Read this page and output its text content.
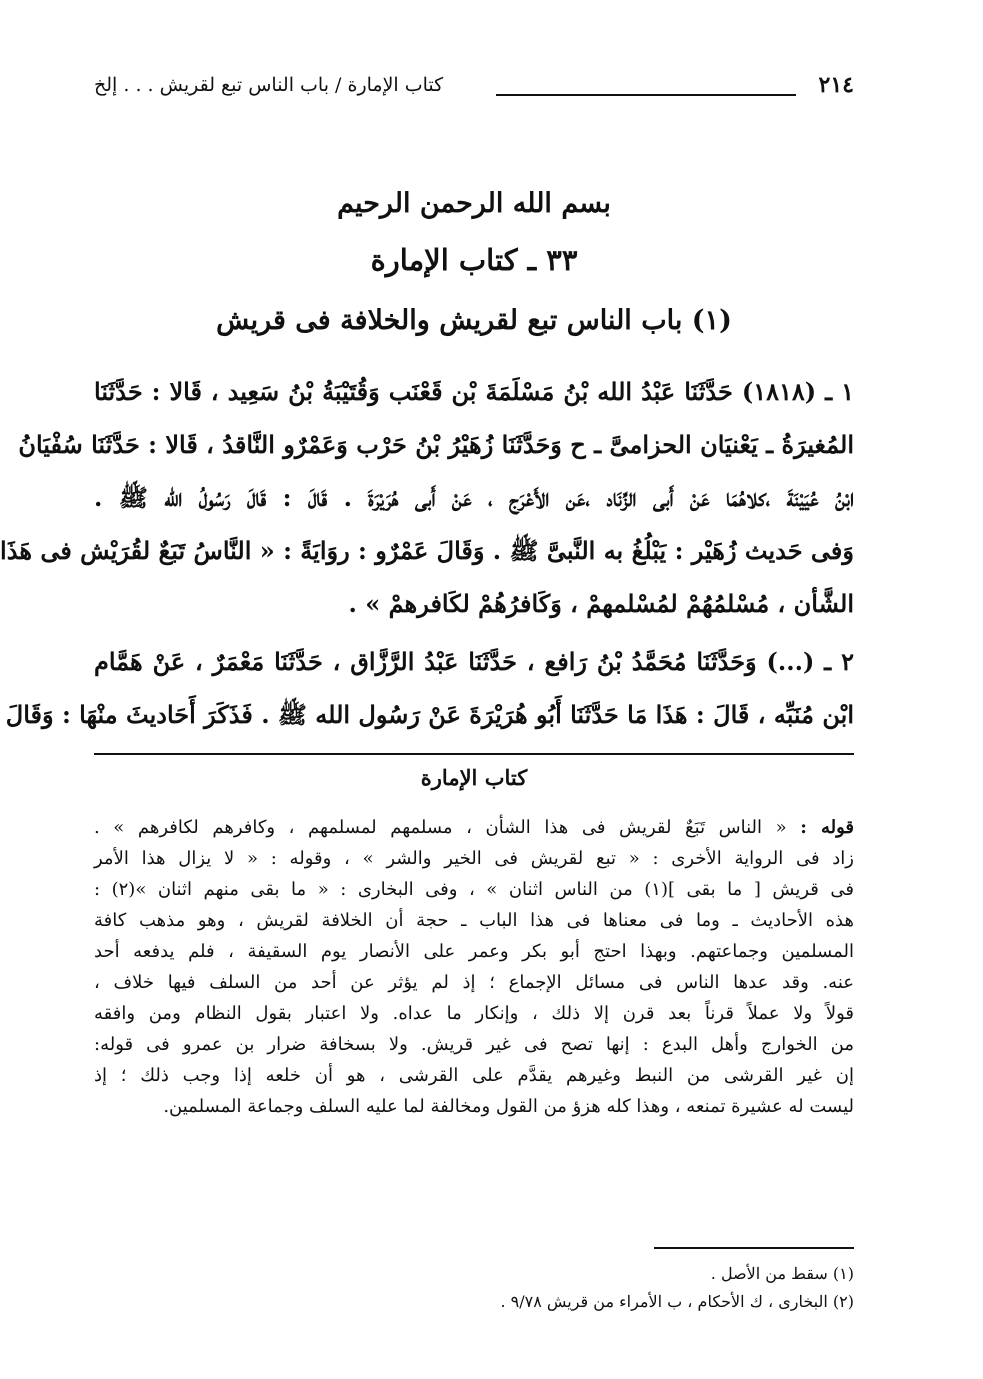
٢١٤
كتاب الإمارة / باب الناس تبع لقريش . . . إلخ
بسم الله الرحمن الرحيم
٣٣ ـ كتاب الإمارة
(١) باب الناس تبع لقريش والخلافة فى قريش
١ ـ (١٨١٨) حَدَّثَنَا عَبْدُ الله بْنُ مَسْلَمَةَ بْن قَعْنَب وَقُتَيْبَةُ بْنُ سَعِيد ، قَالا : حَدَّثَنَا
المُغيرَةُ ـ يَعْنيَان الحزامىَّ ـ ح وَحَدَّثَنَا زُهَيْرُ بْنُ حَرْب وَعَمْرٌو النَّاقدُ ، قَالا : حَدَّثَنَا سُفْيَانُ
ابْنُ عُيَيْنَةَ ،كلاهُمَا عَنْ أَبى الزِّنَاد ،عَن الأَعْرَج ، عَنْ أَبى هُرَيْرَةَ . قَالَ : قَالَ رَسُولُ الله ﷺ .
وَفى حَديث زُهَيْر : يَبْلُغُ به النَّبىَّ ﷺ . وَقَالَ عَمْرٌو : روَايَةً : « النَّاسُ تَبَعٌ لقُرَيْش فى هَذَا
الشَّأن ، مُسْلمُهُمْ لمُسْلمهمْ ، وَكَافرُهُمْ لكَافرهمْ » .
٢ ـ (...) وَحَدَّثَنَا مُحَمَّدُ بْنُ رَافع ، حَدَّثَنَا عَبْدُ الرَّزَّاق ، حَدَّثَنَا مَعْمَرٌ ، عَنْ هَمَّام
ابْن مُنَبِّه ، قَالَ : هَذَا مَا حَدَّثَنَا أَبُو هُرَيْرَةَ عَنْ رَسُول الله ﷺ . فَذَكَرَ أَحَاديثَ منْهَا : وَقَالَ
كتاب الإمارة
قوله : « الناس تَبَعٌ لقريش فى هذا الشأن ، مسلمهم لمسلمهم ، وكافرهم لكافرهم » .
زاد فى الرواية الأخرى : « تبع لقريش فى الخير والشر » ، وقوله : « لا يزال هذا الأمر
فى قريش [ ما بقى ](١) من الناس اثنان » ، وفى البخارى : « ما بقى منهم اثنان »(٢) :
هذه الأحاديث ـ وما فى معناها فى هذا الباب ـ حجة أن الخلافة لقريش ، وهو مذهب كافة
المسلمين وجماعتهم. وبهذا احتج أبو بكر وعمر على الأنصار يوم السقيفة ، فلم يدفعه أحد
عنه. وقد عدها الناس فى مسائل الإجماع ؛ إذ لم يؤثر عن أحد من السلف فيها خلاف ،
قولاً ولا عملاً قرناً بعد قرن إلا ذلك ، وإنكار ما عداه. ولا اعتبار بقول النظام ومن وافقه
من الخوارج وأهل البدع : إنها تصح فى غير قريش. ولا بسخافة ضرار بن عمرو فى قوله:
إن غير القرشى من النبط وغيرهم يقدَّم على القرشى ، هو أن خلعه إذا وجب ذلك ؛ إذ
ليست له عشيرة تمنعه ، وهذا كله هزؤ من القول ومخالفة لما عليه السلف وجماعة المسلمين.
(١) سقط من الأصل .
(٢) البخارى ، ك الأحكام ، ب الأمراء من قريش ٩/٧٨ .
